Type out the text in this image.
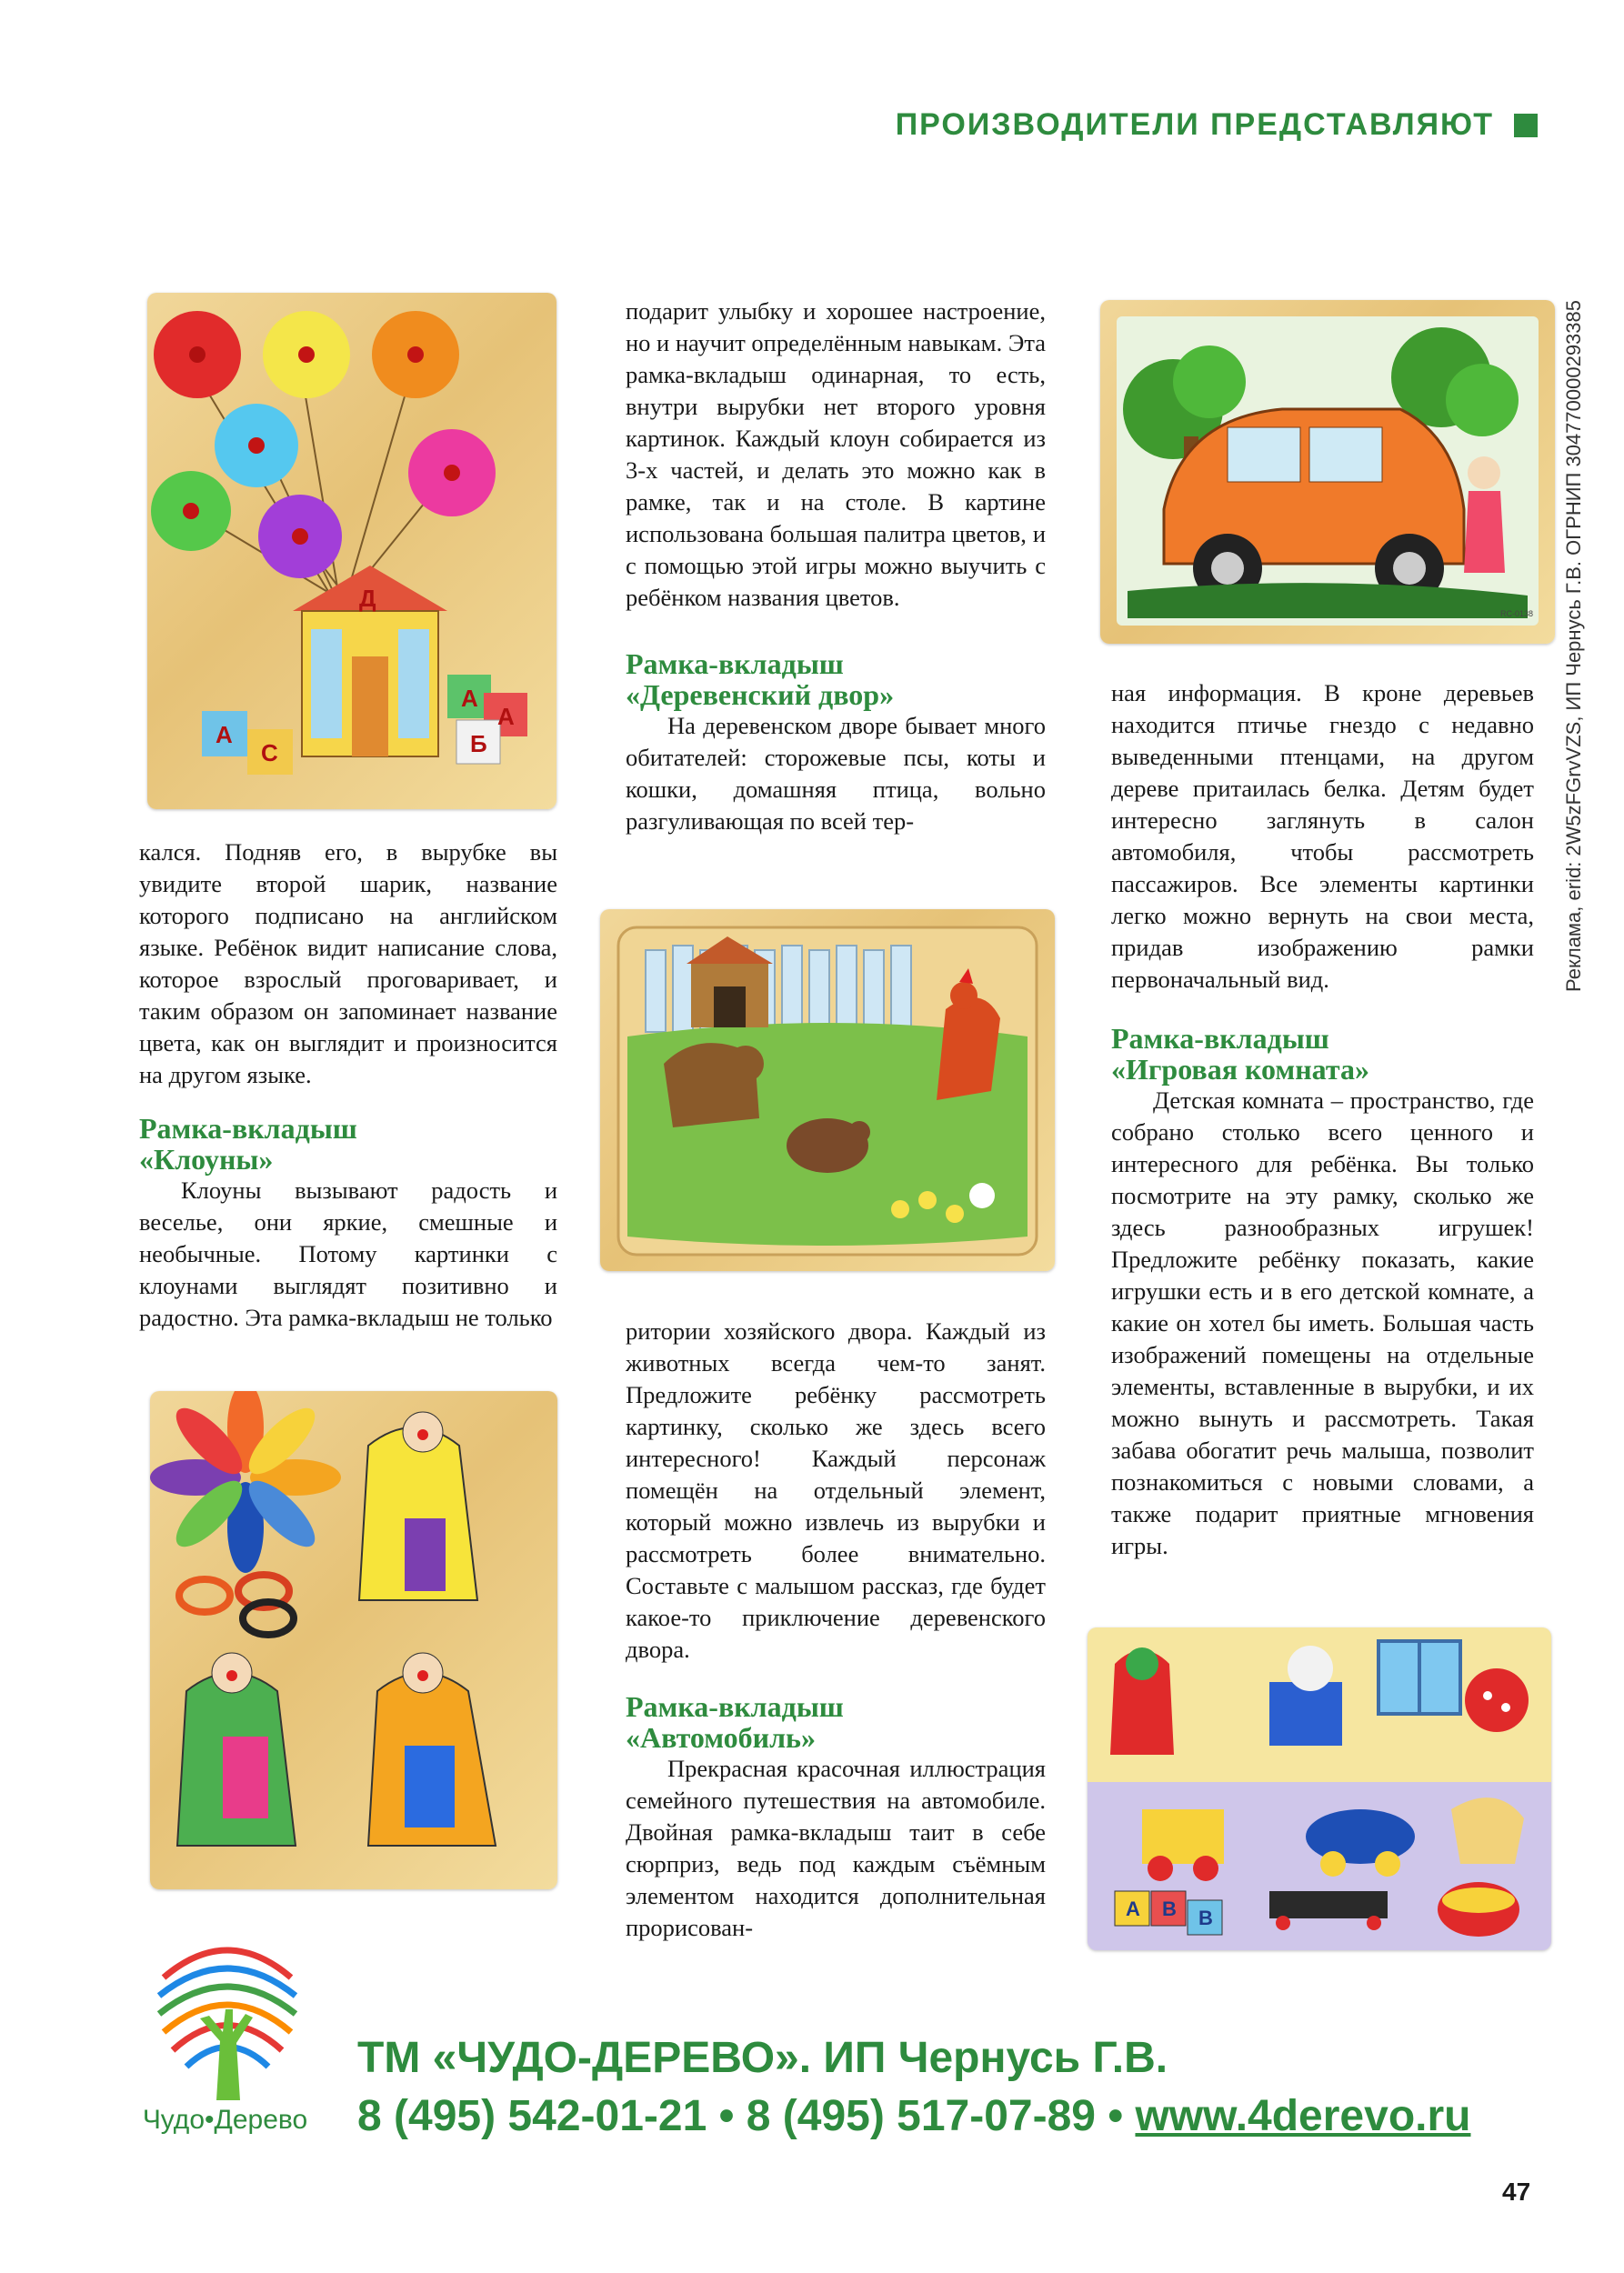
ПРОИЗВОДИТЕЛИ ПРЕДСТАВЛЯЮТ
Реклама, erid: 2W5zFGrvVZS, ИП Чернусь Г.В. ОГРНИП 304770000293385
Д
А
А
Б
С
А
RC-0138
А В В

кался. Подняв его, в вырубке вы увидите второй шарик, название которого подписано на английском языке. Ребёнок видит написание слова, которое взрослый проговаривает, и таким образом он запоминает название цвета, как он выглядит и произносится на другом языке.

Рамка-вкладыш
«Клоуны»

Клоуны вызывают радость и веселье, они яркие, смешные и необычные. Потому картинки с клоунами выглядят позитивно и радостно. Эта рамка-вкладыш не только

подарит улыбку и хорошее настроение, но и научит определённым навыкам. Эта рамка-вкладыш одинарная, то есть, внутри вырубки нет второго уровня картинок. Каждый клоун собирается из 3-х частей, и делать это можно как в рамке, так и на столе. В картине использована большая палитра цветов, и с помощью этой игры можно выучить с ребёнком названия цветов.

Рамка-вкладыш
«Деревенский двор»

На деревенском дворе бывает много обитателей: сторожевые псы, коты и кошки, домашняя птица, вольно разгуливающая по всей тер-

ритории хозяйского двора. Каждый из животных всегда чем-то занят. Предложите ребёнку рассмотреть картинку, сколько же здесь всего интересного! Каждый персонаж помещён на отдельный элемент, который можно извлечь из вырубки и рассмотреть более внимательно. Составьте с малышом рассказ, где будет какое-то приключение деревенского двора.

Рамка-вкладыш
«Автомобиль»

Прекрасная красочная иллюстрация семейного путешествия на автомобиле. Двойная рамка-вкладыш таит в себе сюрприз, ведь под каждым съёмным элементом находится дополнительная прорисован-

ная информация. В кроне деревьев находится птичье гнездо с недавно выведенными птенцами, на другом дереве притаилась белка. Детям будет интересно заглянуть в салон автомобиля, чтобы рассмотреть пассажиров. Все элементы картинки легко можно вернуть на свои места, придав изображению рамки первоначальный вид.

Рамка-вкладыш
«Игровая комната»

Детская комната – пространство, где собрано столько всего ценного и интересного для ребёнка. Вы только посмотрите на эту рамку, сколько же здесь разнообразных игрушек! Предложите ребёнку показать, какие игрушки есть и в его детской комнате, а какие он хотел бы иметь. Большая часть изображений помещены на отдельные элементы, вставленные в вырубки, и их можно вынуть и рассмотреть. Такая забава обогатит речь малыша, позволит познакомиться с новыми словами, а также подарит приятные мгновения игры.

Чудо•Дерево
ТМ «ЧУДО-ДЕРЕВО». ИП Чернусь Г.В.
8 (495) 542-01-21 • 8 (495) 517-07-89 • www.4derevo.ru
47
